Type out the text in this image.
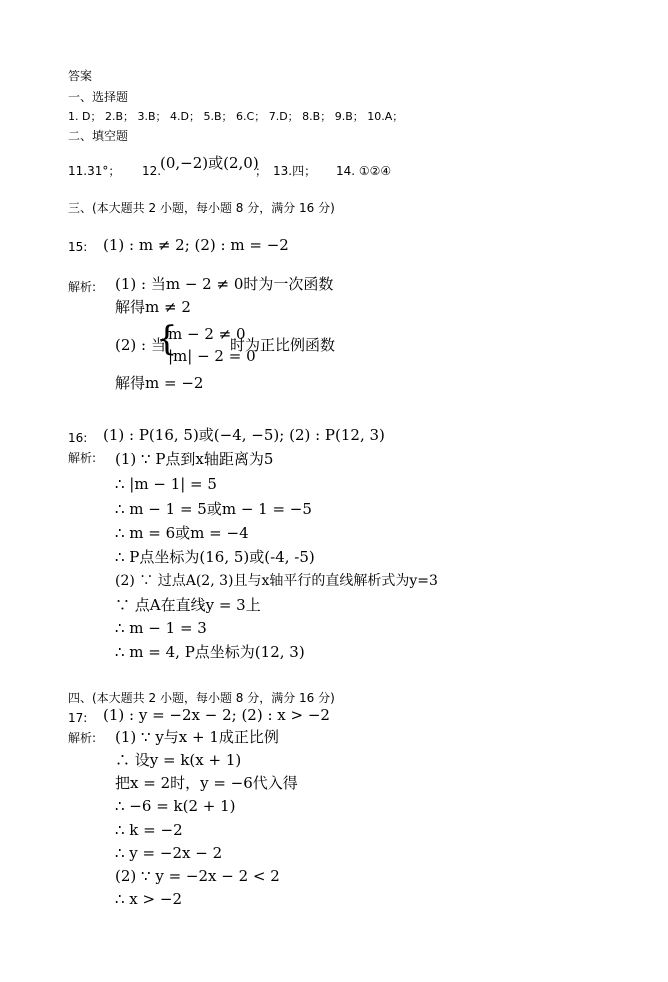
答案
一、选择题
1. D； 2.B； 3.B； 4.D； 5.B； 6.C； 7.D； 8.B； 9.B； 10.A；
二、填空题
11.31°； 12.
(0,−2)或(2,0)
； 13.四； 14. ①②④
三、(本大题共 2 小题，每小题 8 分，满分 16 分)
15: (1) : m ≠ 2; (2) : m = −2
解析: (1) : 当m − 2 ≠ 0时为一次函数
解得m ≠ 2
(2) : 当
{
m − 2 ≠ 0
|m| − 2 = 0
时为正比例函数
解得m = −2
16: (1) : P(16, 5)或(−4, −5); (2) : P(12, 3)
解析: (1) ∵ P点到x轴距离为5
∴ |m − 1| = 5
∴ m − 1 = 5或m − 1 = −5
∴ m = 6或m = −4
∴ P点坐标为(16, 5)或(-4, -5)
(2) ∵ 过点A(2, 3)且与x轴平行的直线解析式为y=3
∵ 点A在直线y = 3上
∴ m − 1 = 3
∴ m = 4, P点坐标为(12, 3)
四、(本大题共 2 小题，每小题 8 分，满分 16 分)
17: (1) : y = −2x − 2; (2) : x > −2
解析: (1) ∵ y与x + 1成正比例
∴ 设y = k(x + 1)
把x = 2时，y = −6代入得
∴ −6 = k(2 + 1)
∴ k = −2
∴ y = −2x − 2
(2) ∵ y = −2x − 2 < 2
∴ x > −2
